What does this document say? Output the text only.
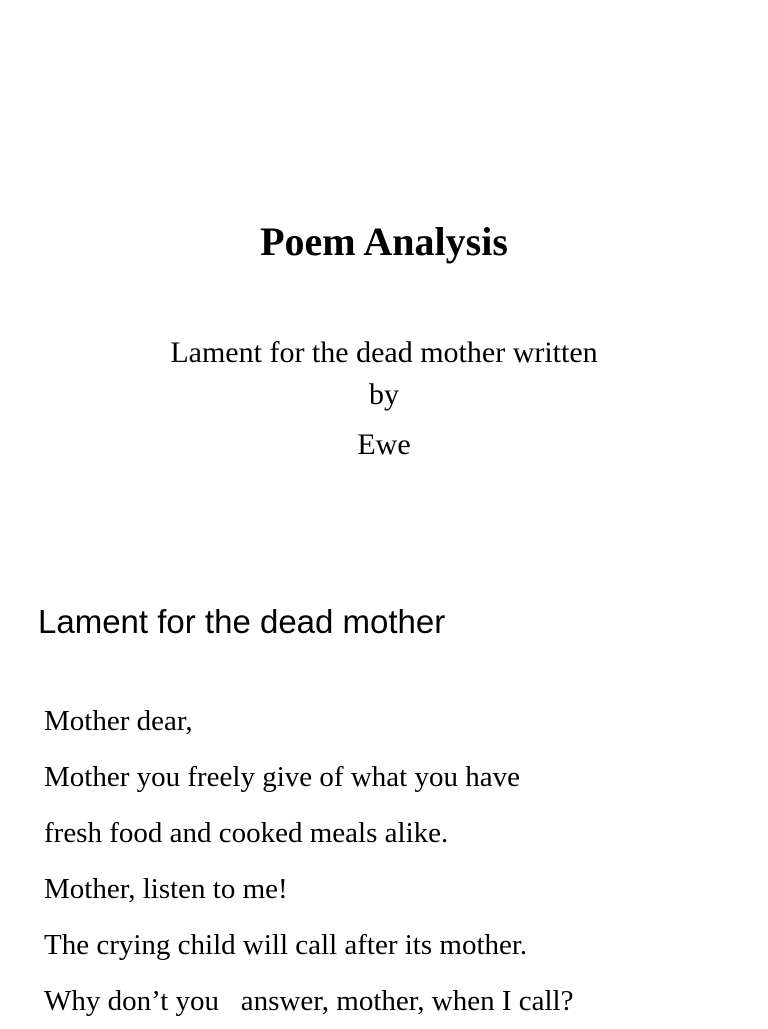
Poem Analysis
Lament for the dead mother written
by
Ewe
Lament for the dead mother
Mother dear,
Mother you freely give of what you have
fresh food and cooked meals alike.
Mother, listen to me!
The crying child will call after its mother.
Why don’t you   answer, mother, when I call?
